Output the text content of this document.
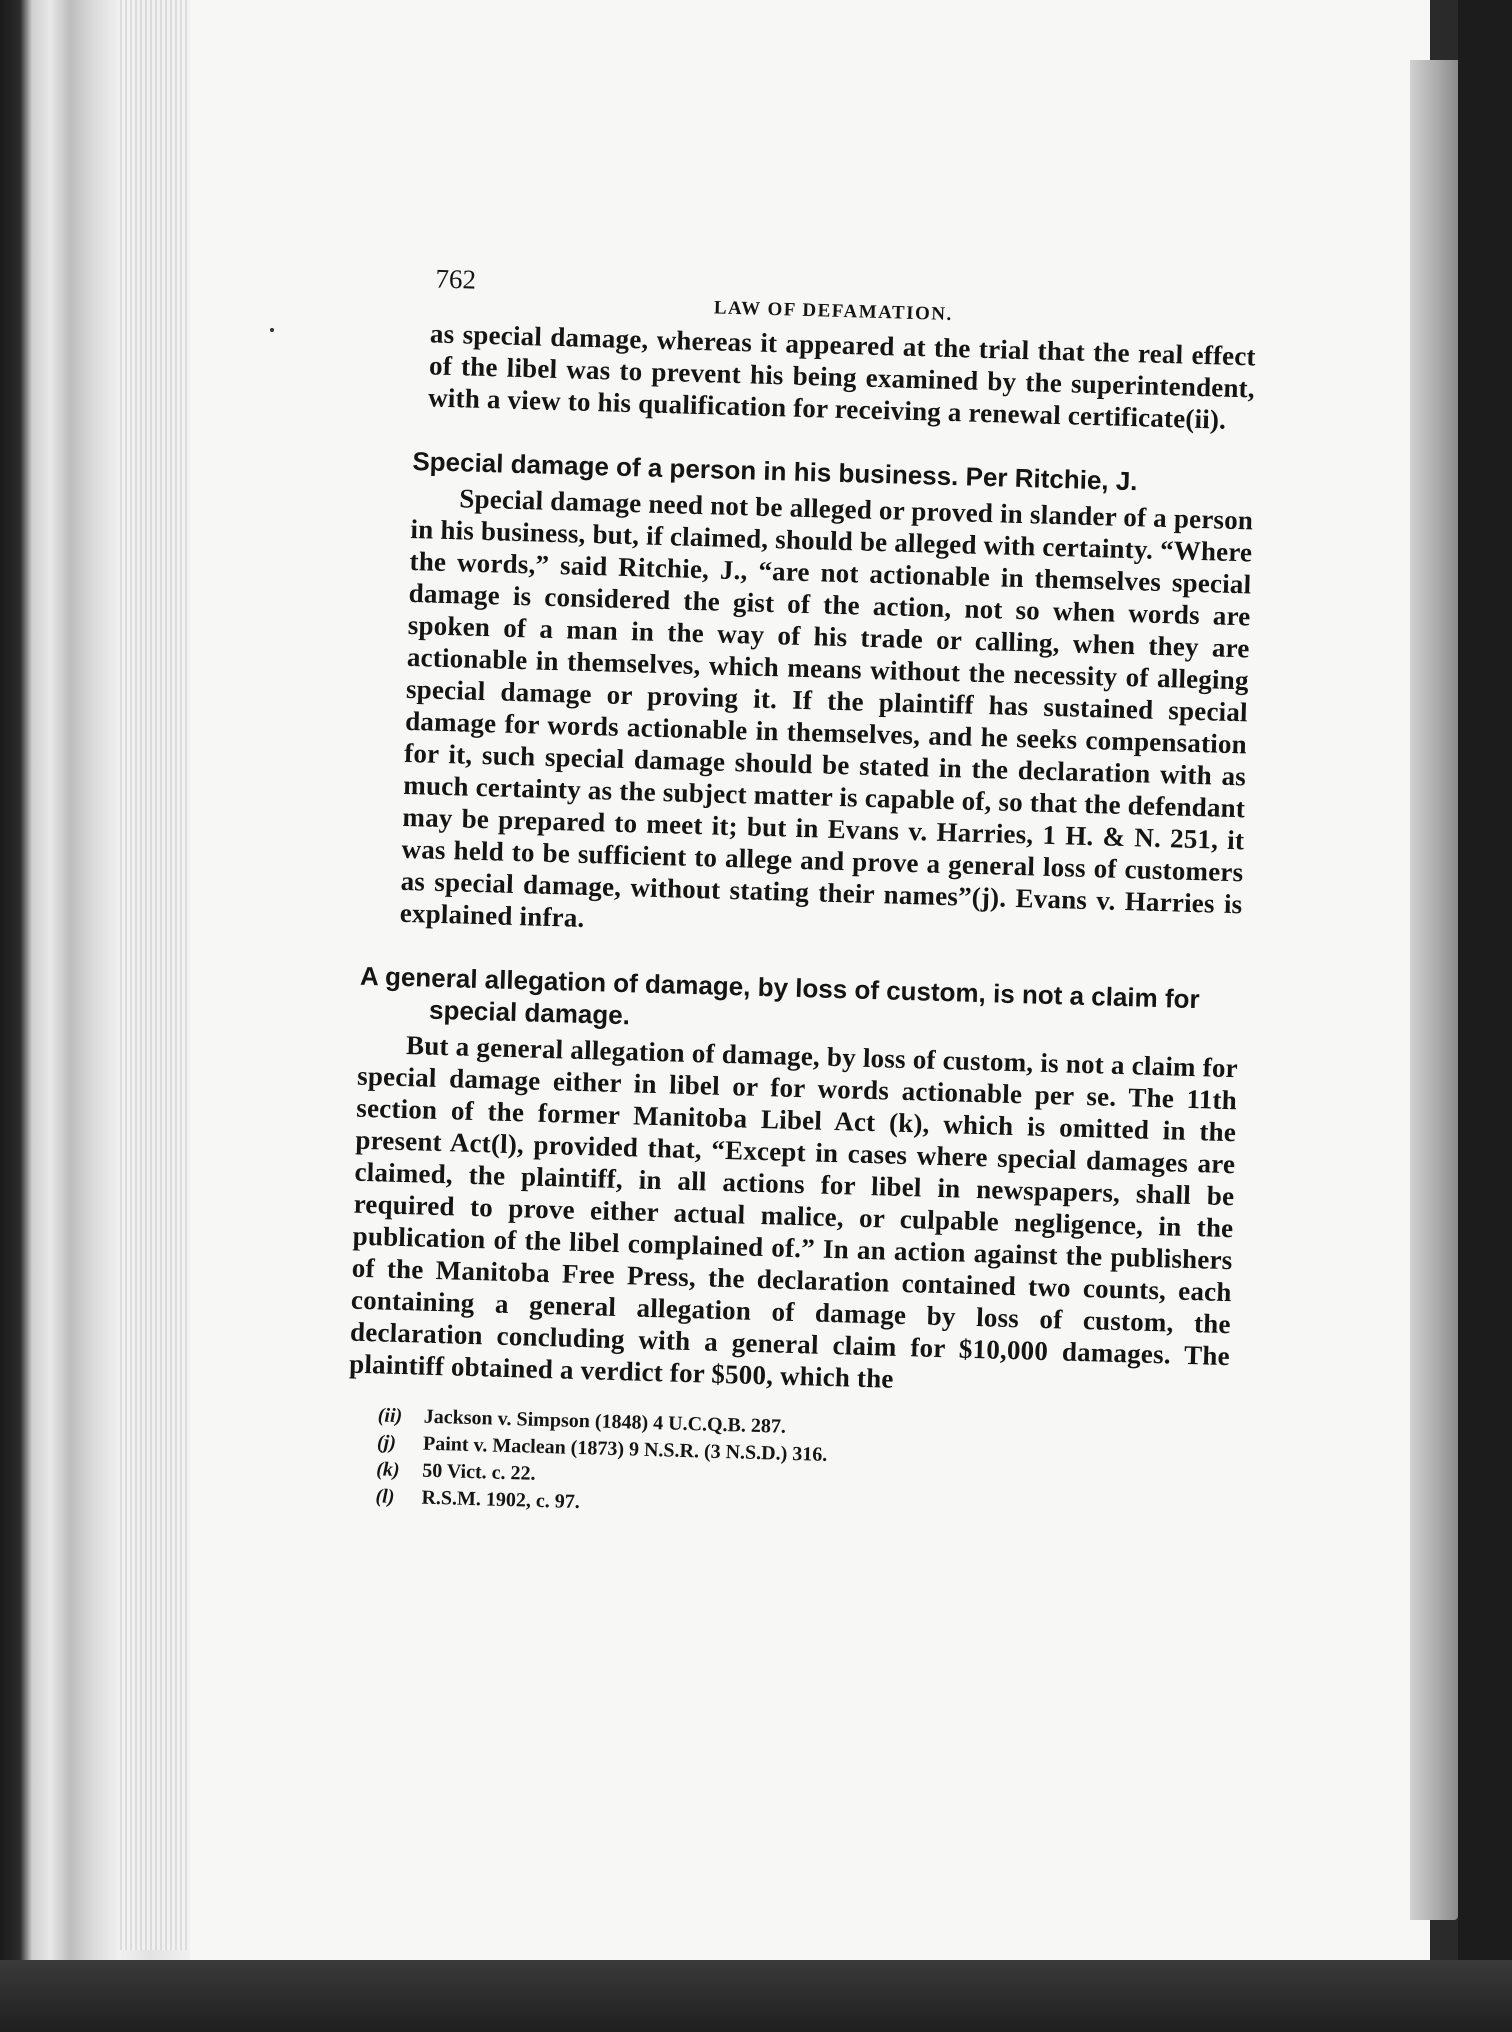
762
LAW OF DEFAMATION.

as special damage, whereas it appeared at the trial that the real effect of the libel was to prevent his being examined by the superintendent, with a view to his qualification for receiving a renewal certificate(ii).

Special damage of a person in his business. Per Ritchie, J.

Special damage need not be alleged or proved in slander of a person in his business, but, if claimed, should be alleged with certainty. “Where the words,” said Ritchie, J., “are not actionable in themselves special damage is considered the gist of the action, not so when words are spoken of a man in the way of his trade or calling, when they are actionable in themselves, which means without the necessity of alleging special damage or proving it. If the plaintiff has sustained special damage for words actionable in themselves, and he seeks compensation for it, such special damage should be stated in the declaration with as much certainty as the subject matter is capable of, so that the defendant may be prepared to meet it; but in Evans v. Harries, 1 H. & N. 251, it was held to be sufficient to allege and prove a general loss of customers as special damage, without stating their names”(j). Evans v. Harries is explained infra.

A general allegation of damage, by loss of custom, is not a claim for special damage.

But a general allegation of damage, by loss of custom, is not a claim for special damage either in libel or for words actionable per se. The 11th section of the former Manitoba Libel Act (k), which is omitted in the present Act(l), provided that, “Except in cases where special damages are claimed, the plaintiff, in all actions for libel in newspapers, shall be required to prove either actual malice, or culpable negligence, in the publication of the libel complained of.” In an action against the publishers of the Manitoba Free Press, the declaration contained two counts, each containing a general allegation of damage by loss of custom, the declaration concluding with a general claim for $10,000 damages. The plaintiff obtained a verdict for $500, which the

(ii)	Jackson v. Simpson (1848) 4 U.C.Q.B. 287.
(j)	Paint v. Maclean (1873) 9 N.S.R. (3 N.S.D.) 316.
(k)	50 Vict. c. 22.
(l)	R.S.M. 1902, c. 97.
